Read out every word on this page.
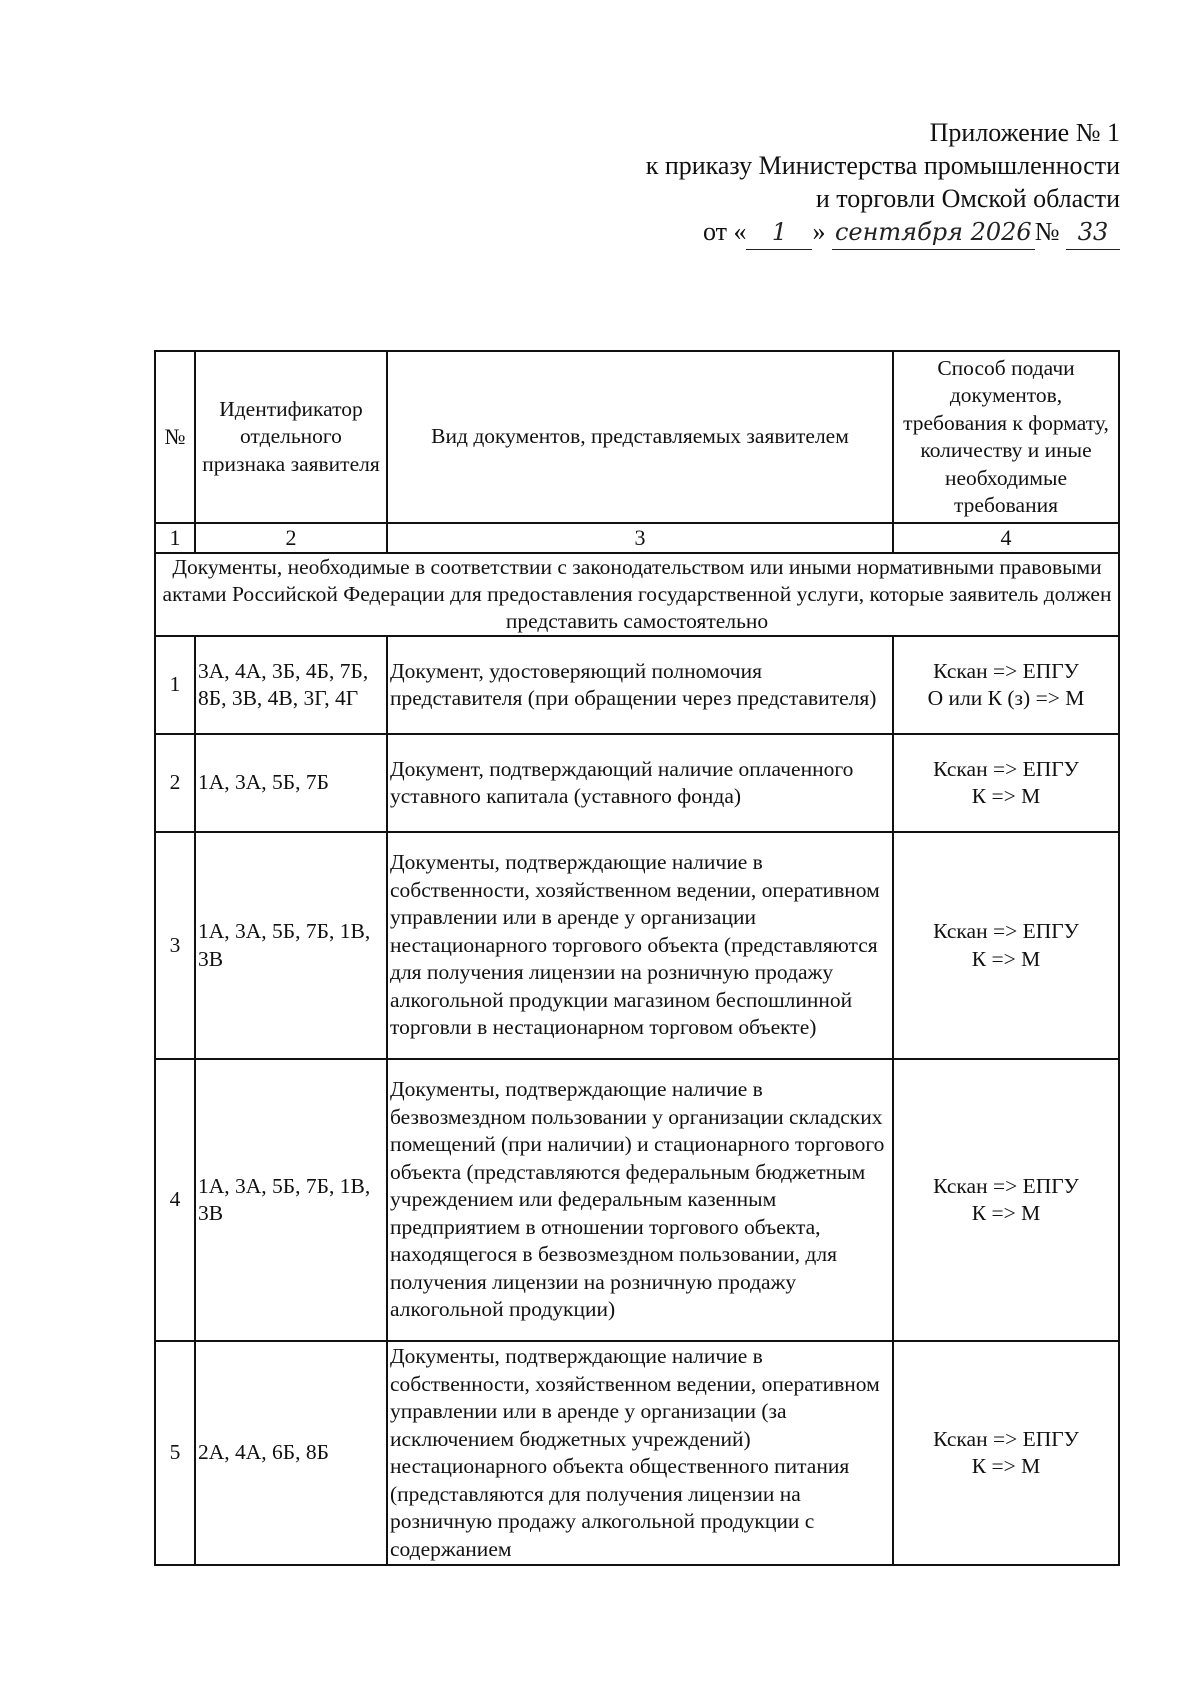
Приложение № 1
к приказу Министерства промышленности
и торговли Омской области
от « 1 » сентября 2026 № 33
№	Идентификатор отдельного признака заявителя	Вид документов, представляемых заявителем	Способ подачи документов, требования к формату, количеству и иные необходимые требования
1	2	3	4
Документы, необходимые в соответствии с законодательством или иными нормативными правовыми актами Российской Федерации для предоставления государственной услуги, которые заявитель должен представить самостоятельно			
1	3А, 4А, 3Б, 4Б, 7Б, 8Б, 3В, 4В, 3Г, 4Г	Документ, удостоверяющий полномочия представителя (при обращении через представителя)	Кскан => ЕПГУ
О или К (з) => М

2	1А, 3А, 5Б, 7Б	Документ, подтверждающий наличие оплаченного уставного капитала (уставного фонда)	Кскан => ЕПГУ
К => М

3	1А, 3А, 5Б, 7Б, 1В, 3В	Документы, подтверждающие наличие в собственности, хозяйственном ведении, оперативном управлении или в аренде у организации нестационарного торгового объекта (представляются для получения лицензии на розничную продажу алкогольной продукции магазином беспошлинной торговли в нестационарном торговом объекте)	Кскан => ЕПГУ
К => М

4	1А, 3А, 5Б, 7Б, 1В, 3В	Документы, подтверждающие наличие в безвозмездном пользовании у организации складских помещений (при наличии) и стационарного торгового объекта (представляются федеральным бюджетным учреждением или федеральным казенным предприятием в отношении торгового объекта, находящегося в безвозмездном пользовании, для получения лицензии на розничную продажу алкогольной продукции)	Кскан => ЕПГУ
К => М

5	2А, 4А, 6Б, 8Б	Документы, подтверждающие наличие в собственности, хозяйственном ведении, оперативном управлении или в аренде у организации (за исключением бюджетных учреждений) нестационарного объекта общественного питания (представляются для получения лицензии на розничную продажу алкогольной продукции с содержанием	Кскан => ЕПГУ
К => М
